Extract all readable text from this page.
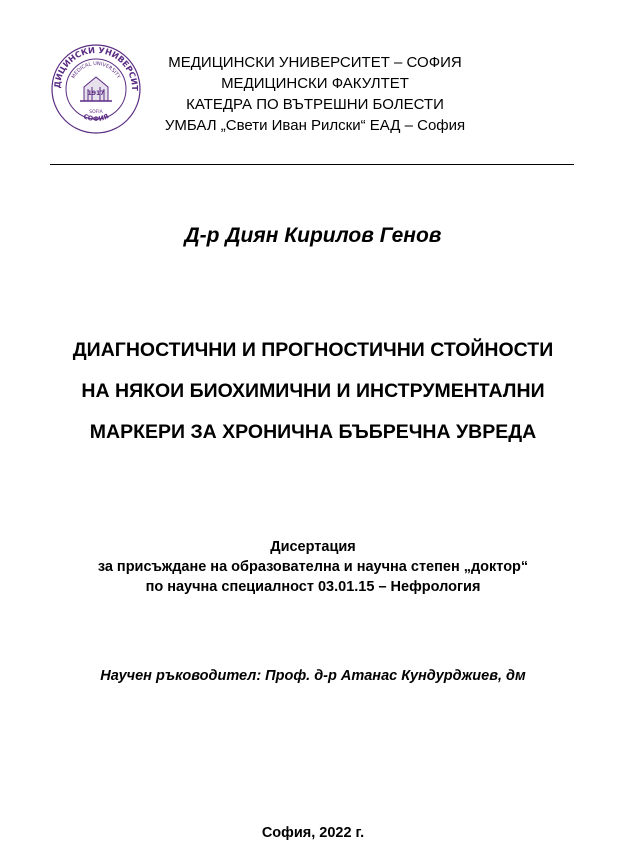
ДИЦИНСКИ УНИВЕРСИТ
MEDICAL UNIVERSITY
СОФИЯ
SOFIA
1917
МЕДИЦИНСКИ УНИВЕРСИТЕТ – СОФИЯ
МЕДИЦИНСКИ ФАКУЛТЕТ
КАТЕДРА ПО ВЪТРЕШНИ БОЛЕСТИ
УМБАЛ „Свети Иван Рилски“ ЕАД – София
Д-р Диян Кирилов Генов
ДИАГНОСТИЧНИ И ПРОГНОСТИЧНИ СТОЙНОСТИ
НА НЯКОИ БИОХИМИЧНИ И ИНСТРУМЕНТАЛНИ
МАРКЕРИ ЗА ХРОНИЧНА БЪБРЕЧНА УВРЕДА
Дисертация
за присъждане на образователна и научна степен „доктор“
по научна специалност 03.01.15 – Нефрология
Научен ръководител: Проф. д-р Атанас Кундурджиев, дм
София, 2022 г.
